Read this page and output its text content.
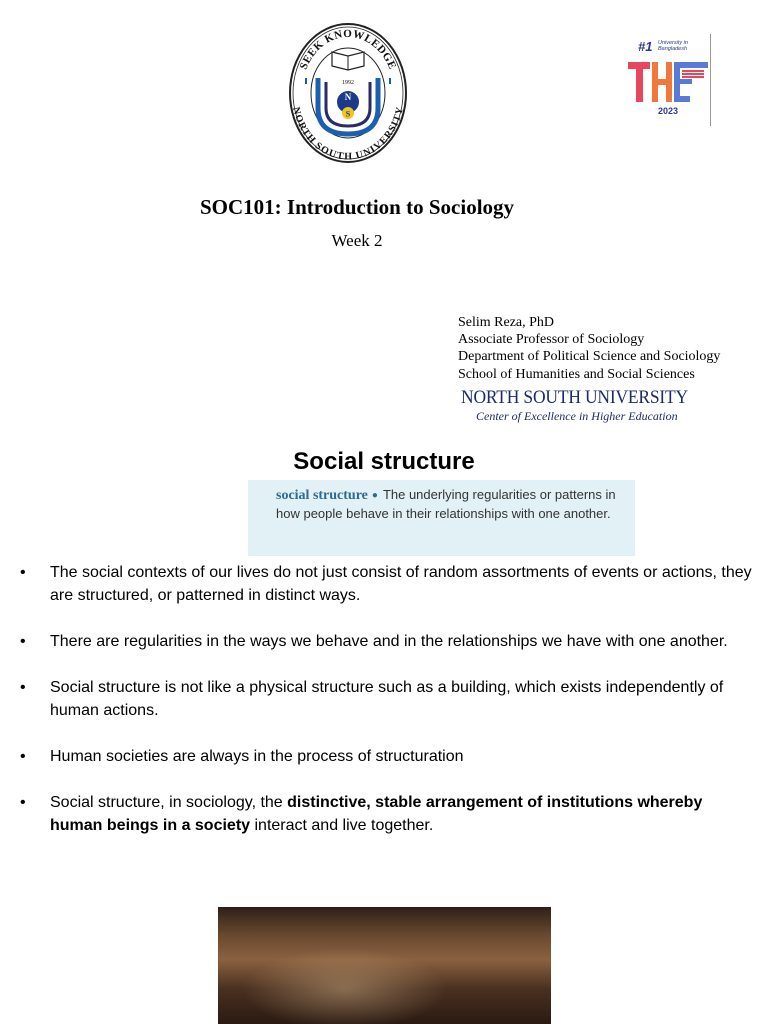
SEEK KNOWLEDGE
NORTH SOUTH UNIVERSITY
1992
N
S
#1 University in Bangladesh
2023
SOC101: Introduction to Sociology
Week 2
Selim Reza, PhD
Associate Professor of Sociology
Department of Political Science and Sociology
School of Humanities and Social Sciences
NORTH SOUTH UNIVERSITY
Center of Excellence in Higher Education
Social structure
social structure ● The underlying regularities or patterns in how people behave in their relationships with one another.
• The social contexts of our lives do not just consist of random assortments of events or actions, they are structured, or patterned in distinct ways.
• There are regularities in the ways we behave and in the relationships we have with one another.
• Social structure is not like a physical structure such as a building, which exists independently of human actions.
• Human societies are always in the process of structuration
• Social structure, in sociology, the distinctive, stable arrangement of institutions whereby human beings in a society interact and live together.
